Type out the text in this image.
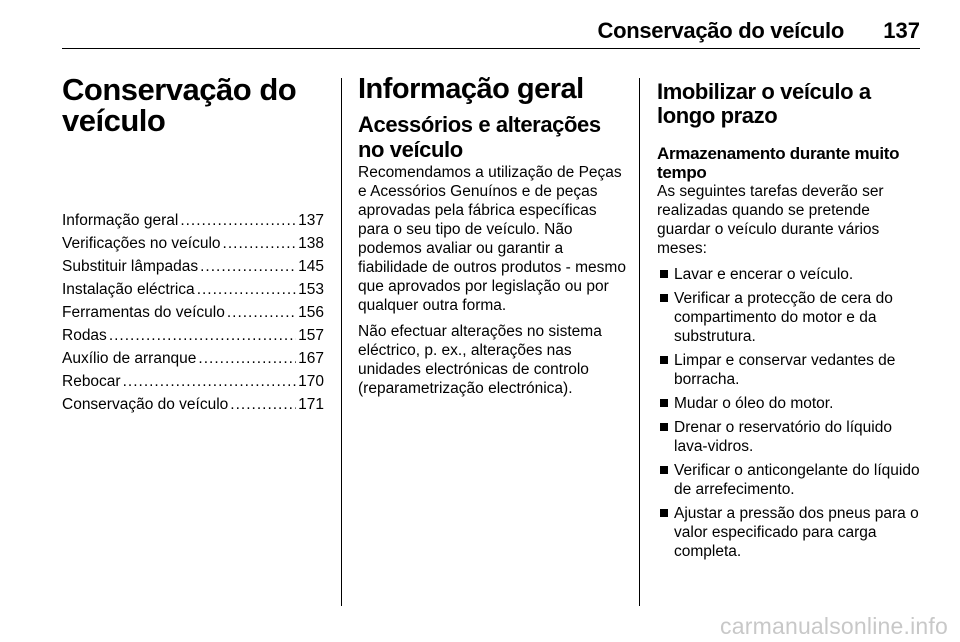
Conservação do veículo 137
Conservação do
veículo
Informação geral .....	137
Verificações no veículo .....	138
Substituir lâmpadas .....	145
Instalação eléctrica .....	153
Ferramentas do veículo .....	156
Rodas .....	157
Auxílio de arranque .....	167
Rebocar .....	170
Conservação do veículo .....	171
Informação geral
Acessórios e alterações no veículo

Recomendamos a utilização de Peças e Acessórios Genuínos e de peças aprovadas pela fábrica específicas para o seu tipo de veículo. Não podemos avaliar ou garantir a fiabilidade de outros produtos - mesmo que aprovados por legislação ou por qualquer outra forma.

Não efectuar alterações no sistema eléctrico, p. ex., alterações nas unidades electrónicas de controlo (reparametrização electrónica).

Imobilizar o veículo a longo prazo
Armazenamento durante muito tempo

As seguintes tarefas deverão ser realizadas quando se pretende guardar o veículo durante vários meses:

Lavar e encerar o veículo.
Verificar a protecção de cera do compartimento do motor e da substrutura.
Limpar e conservar vedantes de borracha.
Mudar o óleo do motor.
Drenar o reservatório do líquido lava-vidros.
Verificar o anticongelante do líquido de arrefecimento.
Ajustar a pressão dos pneus para o valor especificado para carga completa.
carmanualsonline.info
